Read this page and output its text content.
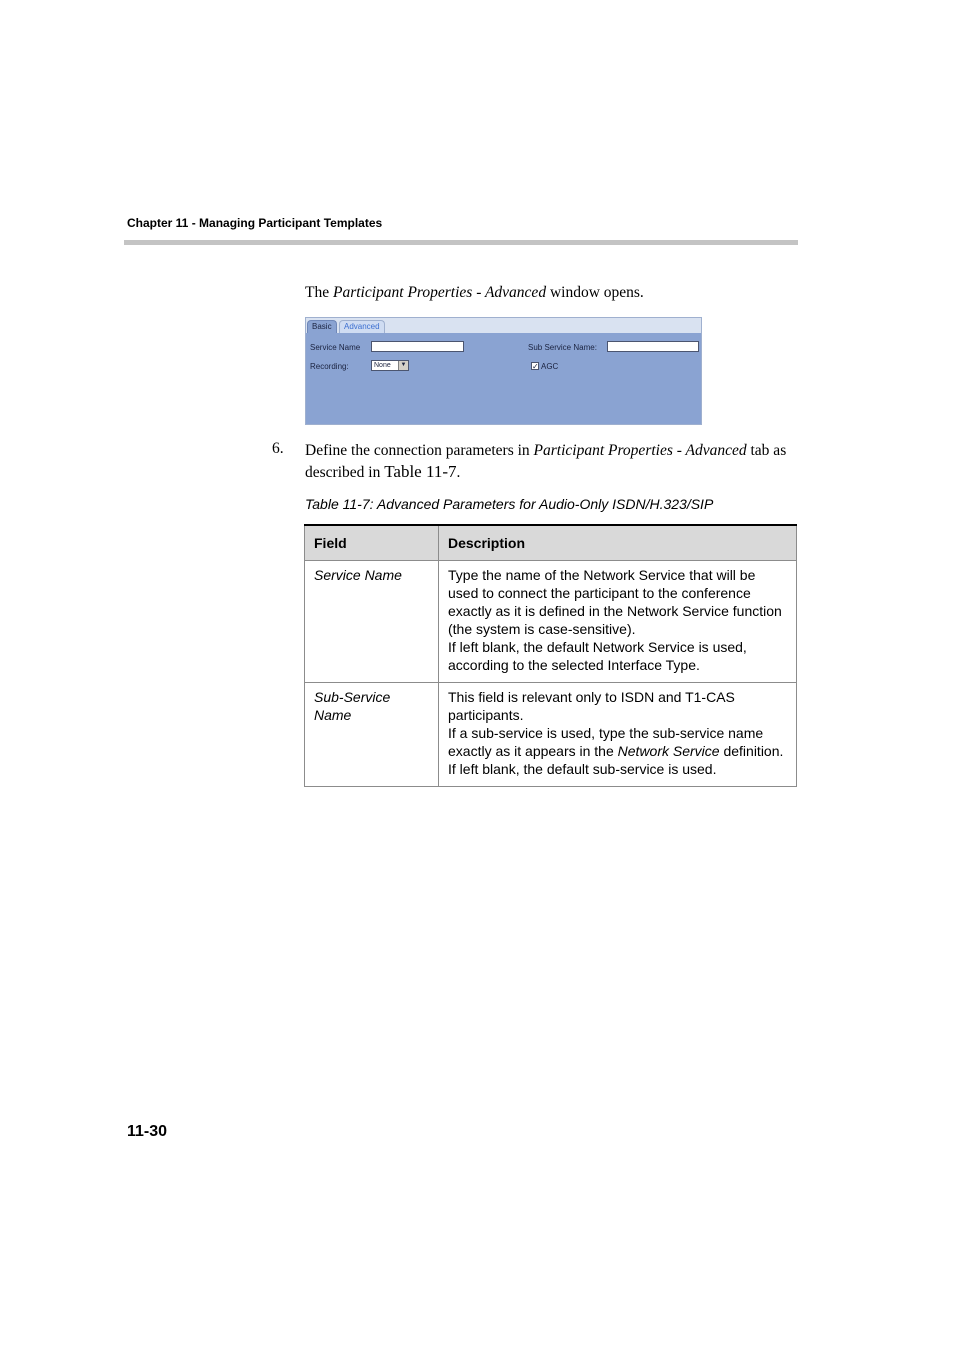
Chapter 11 - Managing Participant Templates
The Participant Properties - Advanced window opens.
Basic	Advanced
Service Name	Sub Service Name:
Recording:	None	▼	✓ AGC
6. Define the connection parameters in Participant Properties - Advanced tab as described in Table 11-7.
Table 11-7: Advanced Parameters for Audio-Only ISDN/H.323/SIP
Field	Description
Service Name	Type the name of the Network Service that will be used to connect the participant to the conference exactly as it is defined in the Network Service function (the system is case-sensitive).
If left blank, the default Network Service is used, according to the selected Interface Type.

Sub-Service Name	This field is relevant only to ISDN and T1-CAS participants.
If a sub-service is used, type the sub-service name exactly as it appears in the Network Service definition.
If left blank, the default sub-service is used.
11-30
